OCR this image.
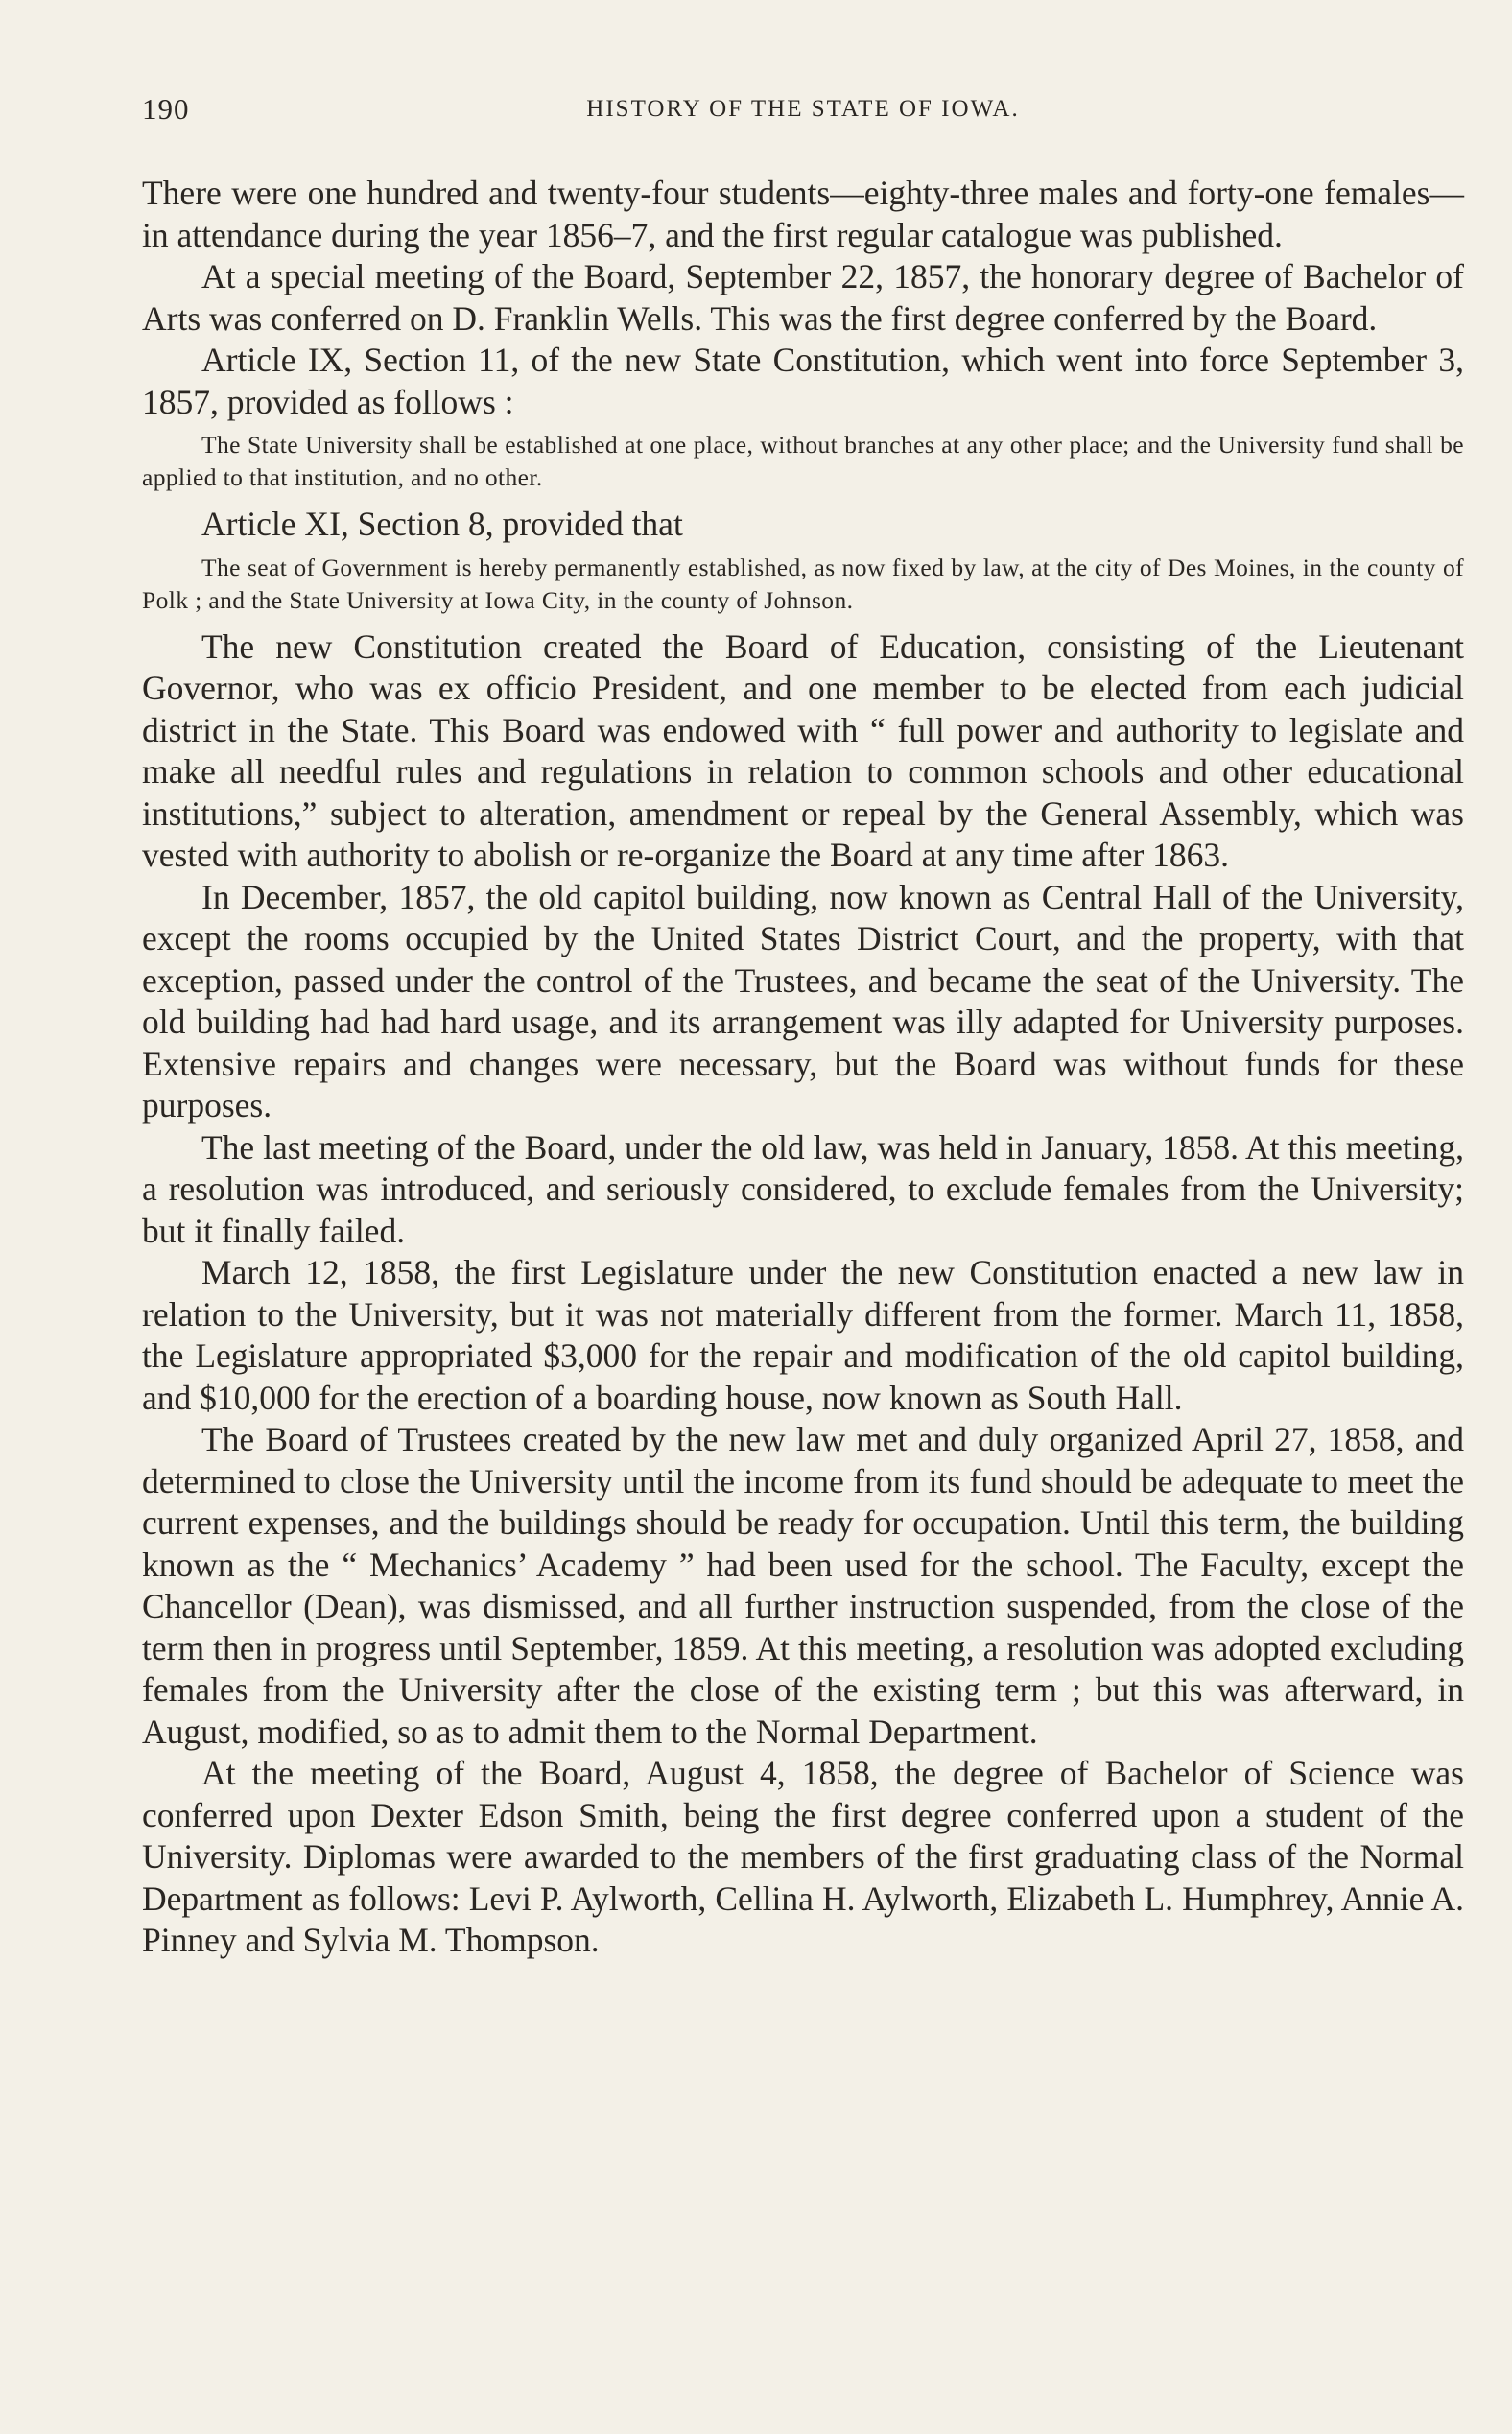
190	HISTORY OF THE STATE OF IOWA.

There were one hundred and twenty-four students—eighty-three males and forty-one females—in attendance during the year 1856–7, and the first regular catalogue was published.

At a special meeting of the Board, September 22, 1857, the honorary degree of Bachelor of Arts was conferred on D. Franklin Wells. This was the first degree conferred by the Board.

Article IX, Section 11, of the new State Constitution, which went into force September 3, 1857, provided as follows :

The State University shall be established at one place, without branches at any other place; and the University fund shall be applied to that institution, and no other.

Article XI, Section 8, provided that

The seat of Government is hereby permanently established, as now fixed by law, at the city of Des Moines, in the county of Polk ; and the State University at Iowa City, in the county of Johnson.

The new Constitution created the Board of Education, consisting of the Lieutenant Governor, who was ex officio President, and one member to be elected from each judicial district in the State. This Board was endowed with “ full power and authority to legislate and make all needful rules and regulations in relation to common schools and other educational institutions,” subject to alteration, amendment or repeal by the General Assembly, which was vested with authority to abolish or re-organize the Board at any time after 1863.

In December, 1857, the old capitol building, now known as Central Hall of the University, except the rooms occupied by the United States District Court, and the property, with that exception, passed under the control of the Trustees, and became the seat of the University. The old building had had hard usage, and its arrangement was illy adapted for University purposes. Extensive repairs and changes were necessary, but the Board was without funds for these purposes.

The last meeting of the Board, under the old law, was held in January, 1858. At this meeting, a resolution was introduced, and seriously considered, to exclude females from the University; but it finally failed.

March 12, 1858, the first Legislature under the new Constitution enacted a new law in relation to the University, but it was not materially different from the former. March 11, 1858, the Legislature appropriated $3,000 for the repair and modification of the old capitol building, and $10,000 for the erection of a boarding house, now known as South Hall.

The Board of Trustees created by the new law met and duly organized April 27, 1858, and determined to close the University until the income from its fund should be adequate to meet the current expenses, and the buildings should be ready for occupation. Until this term, the building known as the “ Mechanics’ Academy ” had been used for the school. The Faculty, except the Chancellor (Dean), was dismissed, and all further instruction suspended, from the close of the term then in progress until September, 1859. At this meeting, a resolution was adopted excluding females from the University after the close of the existing term ; but this was afterward, in August, modified, so as to admit them to the Normal Department.

At the meeting of the Board, August 4, 1858, the degree of Bachelor of Science was conferred upon Dexter Edson Smith, being the first degree conferred upon a student of the University. Diplomas were awarded to the members of the first graduating class of the Normal Department as follows: Levi P. Aylworth, Cellina H. Aylworth, Elizabeth L. Humphrey, Annie A. Pinney and Sylvia M. Thompson.
